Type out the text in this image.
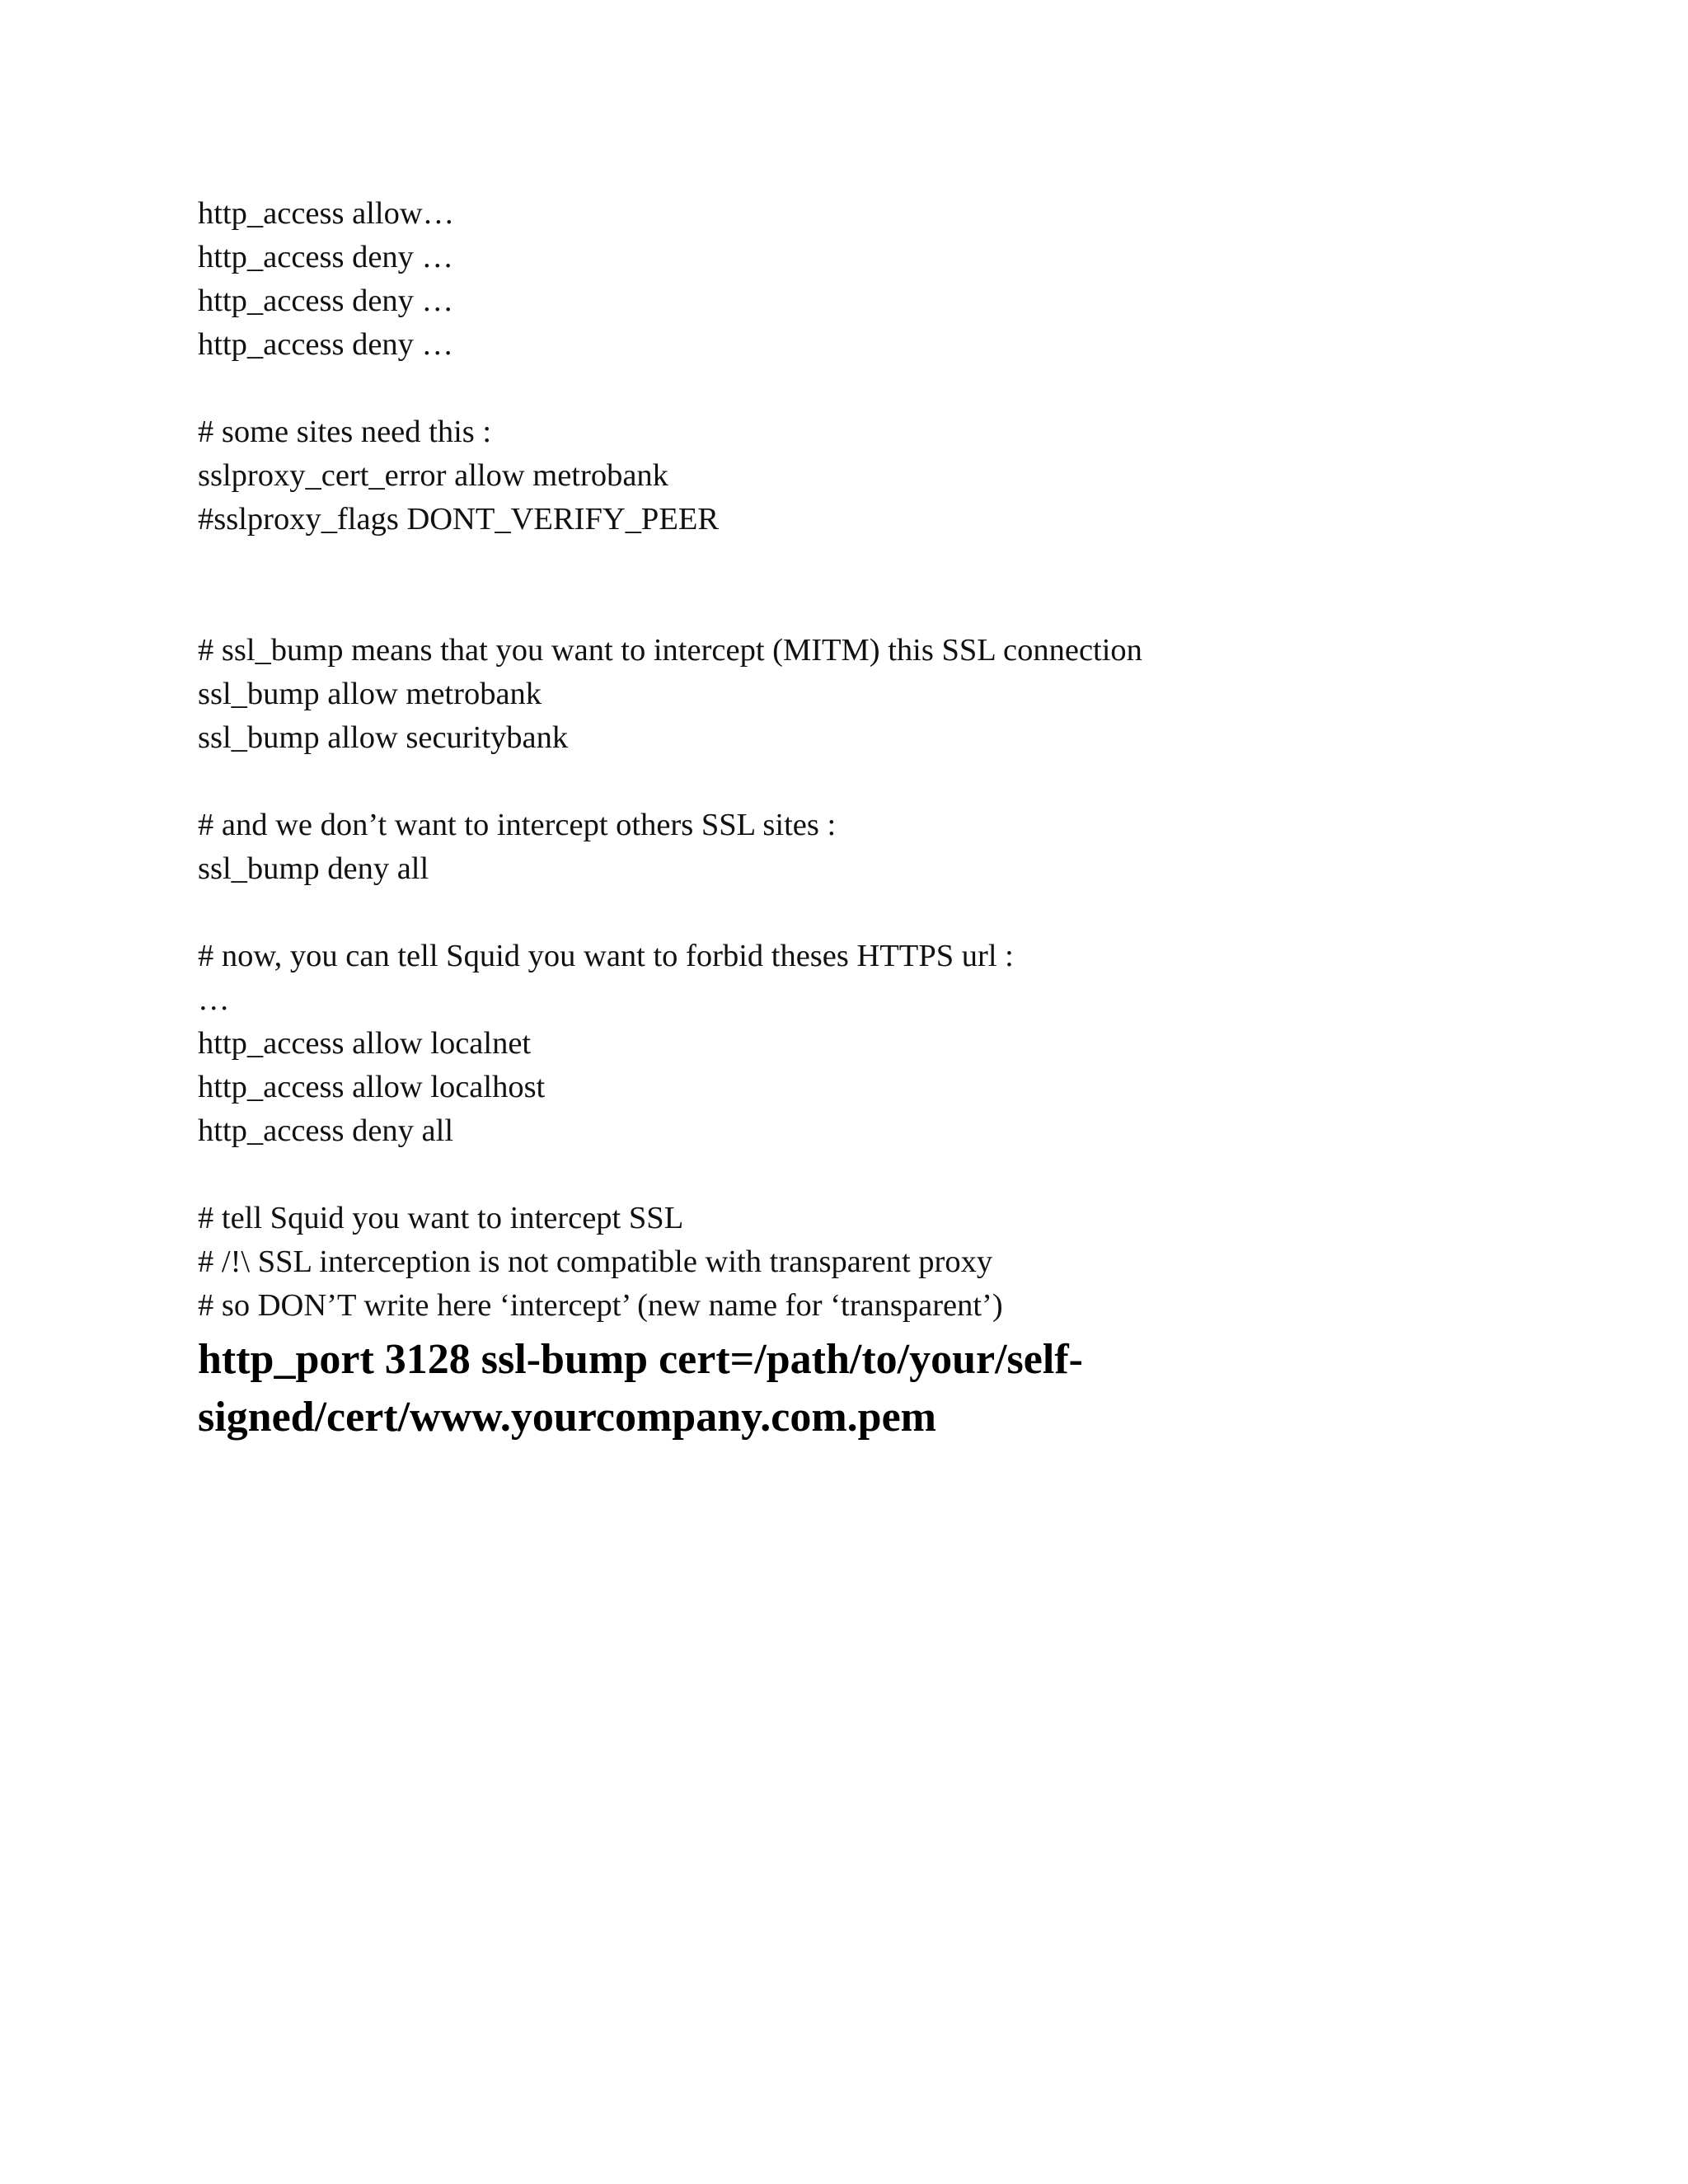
http_access allow…

http_access deny …

http_access deny …

http_access deny …

# some sites need this :

sslproxy_cert_error allow metrobank

#sslproxy_flags DONT_VERIFY_PEER

# ssl_bump means that you want to intercept (MITM) this SSL connection

ssl_bump allow metrobank

ssl_bump allow securitybank

# and we don’t want to intercept others SSL sites :

ssl_bump deny all

# now, you can tell Squid you want to forbid theses HTTPS url :

…

http_access allow localnet

http_access allow localhost

http_access deny all

# tell Squid you want to intercept SSL

# /!\ SSL interception is not compatible with transparent proxy

# so DON’T write here ‘intercept’ (new name for ‘transparent’)

http_port 3128 ssl-bump cert=/path/to/your/self-signed/cert/www.yourcompany.com.pem
